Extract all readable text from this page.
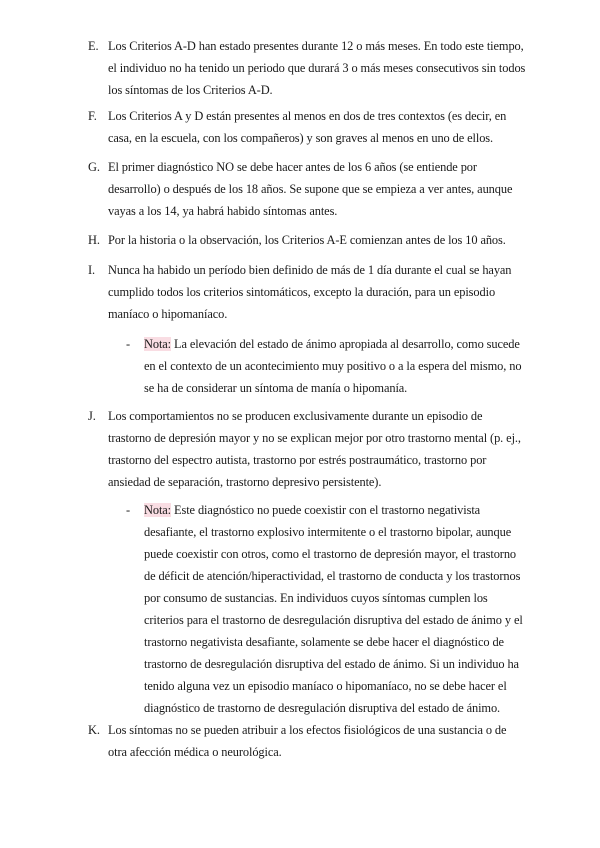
E. Los Criterios A-D han estado presentes durante 12 o más meses. En todo este tiempo, el individuo no ha tenido un periodo que durará 3 o más meses consecutivos sin todos los síntomas de los Criterios A-D.
F. Los Criterios A y D están presentes al menos en dos de tres contextos (es decir, en casa, en la escuela, con los compañeros) y son graves al menos en uno de ellos.
G. El primer diagnóstico NO se debe hacer antes de los 6 años (se entiende por desarrollo) o después de los 18 años. Se supone que se empieza a ver antes, aunque vayas a los 14, ya habrá habido síntomas antes.
H. Por la historia o la observación, los Criterios A-E comienzan antes de los 10 años.
I.	Nunca ha habido un período bien definido de más de 1 día durante el cual se hayan cumplido todos los criterios sintomáticos, excepto la duración, para un episodio maníaco o hipomaníaco.
- Nota: La elevación del estado de ánimo apropiada al desarrollo, como sucede en el contexto de un acontecimiento muy positivo o a la espera del mismo, no se ha de considerar un síntoma de manía o hipomanía.
J. Los comportamientos no se producen exclusivamente durante un episodio de trastorno de depresión mayor y no se explican mejor por otro trastorno mental (p. ej., trastorno del espectro autista, trastorno por estrés postraumático, trastorno por ansiedad de separación, trastorno depresivo persistente).
- Nota: Este diagnóstico no puede coexistir con el trastorno negativista desafiante, el trastorno explosivo intermitente o el trastorno bipolar, aunque puede coexistir con otros, como el trastorno de depresión mayor, el trastorno de déficit de atención/hiperactividad, el trastorno de conducta y los trastornos por consumo de sustancias. En individuos cuyos síntomas cumplen los criterios para el trastorno de desregulación disruptiva del estado de ánimo y el trastorno negativista desafiante, solamente se debe hacer el diagnóstico de trastorno de desregulación disruptiva del estado de ánimo. Si un individuo ha tenido alguna vez un episodio maníaco o hipomaníaco, no se debe hacer el diagnóstico de trastorno de desregulación disruptiva del estado de ánimo.
K. Los síntomas no se pueden atribuir a los efectos fisiológicos de una sustancia o de otra afección médica o neurológica.
